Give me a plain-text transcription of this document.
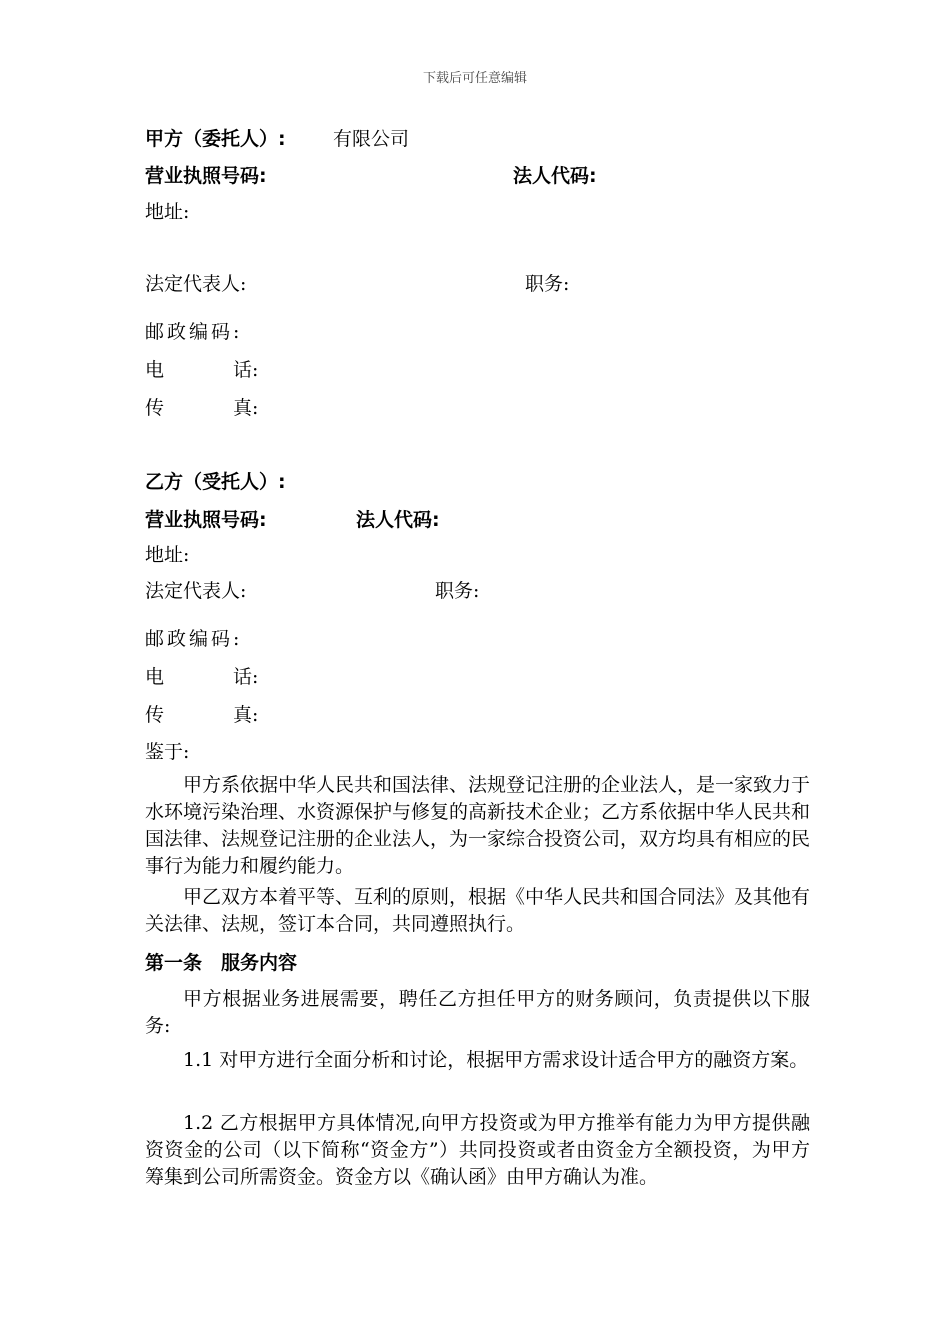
下载后可任意编辑
甲方（委托人）: 有限公司
营业执照号码:	法人代码:
地址:
法定代表人:	职务:
邮政编码:
电	话:
传	真:
乙方（受托人）:
营业执照号码:	法人代码:
地址:
法定代表人:	职务:
邮政编码:
电	话:
传	真:
鉴于:
甲方系依据中华人民共和国法律、法规登记注册的企业法人，是一家致力于水环境污染治理、水资源保护与修复的高新技术企业；乙方系依据中华人民共和国法律、法规登记注册的企业法人，为一家综合投资公司，双方均具有相应的民事行为能力和履约能力。
甲乙双方本着平等、互利的原则，根据《中华人民共和国合同法》及其他有关法律、法规，签订本合同，共同遵照执行。
第一条　服务内容
甲方根据业务进展需要，聘任乙方担任甲方的财务顾问，负责提供以下服务:
1.1 对甲方进行全面分析和讨论，根据甲方需求设计适合甲方的融资方案。
1.2 乙方根据甲方具体情况,向甲方投资或为甲方推举有能力为甲方提供融资资金的公司（以下简称“资金方”）共同投资或者由资金方全额投资，为甲方筹集到公司所需资金。资金方以《确认函》由甲方确认为准。
